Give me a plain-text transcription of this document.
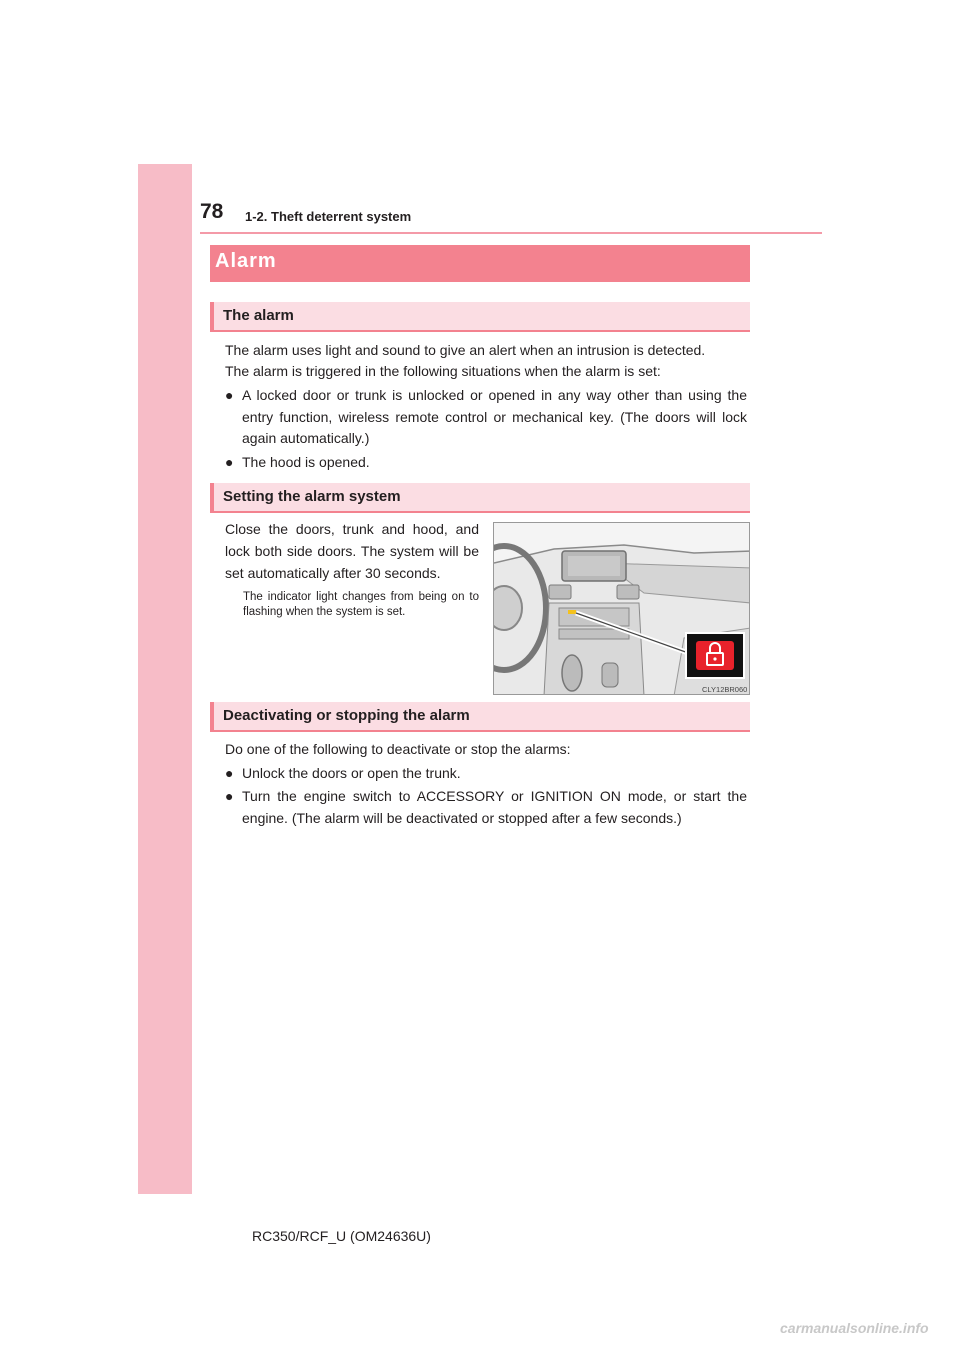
78 1-2. Theft deterrent system
Alarm
The alarm
The alarm uses light and sound to give an alert when an intrusion is detected.
The alarm is triggered in the following situations when the alarm is set:
● A locked door or trunk is unlocked or opened in any way other than using the entry function, wireless remote control or mechanical key. (The doors will lock again automatically.)
● The hood is opened.
Setting the alarm system
Close the doors, trunk and hood, and lock both side doors. The system will be set automatically after 30 seconds.
The indicator light changes from being on to flashing when the system is set.
CLY12BR060
Deactivating or stopping the alarm
Do one of the following to deactivate or stop the alarms:
● Unlock the doors or open the trunk.
● Turn the engine switch to ACCESSORY or IGNITION ON mode, or start the engine. (The alarm will be deactivated or stopped after a few seconds.)
RC350/RCF_U (OM24636U)
carmanualsonline.info
